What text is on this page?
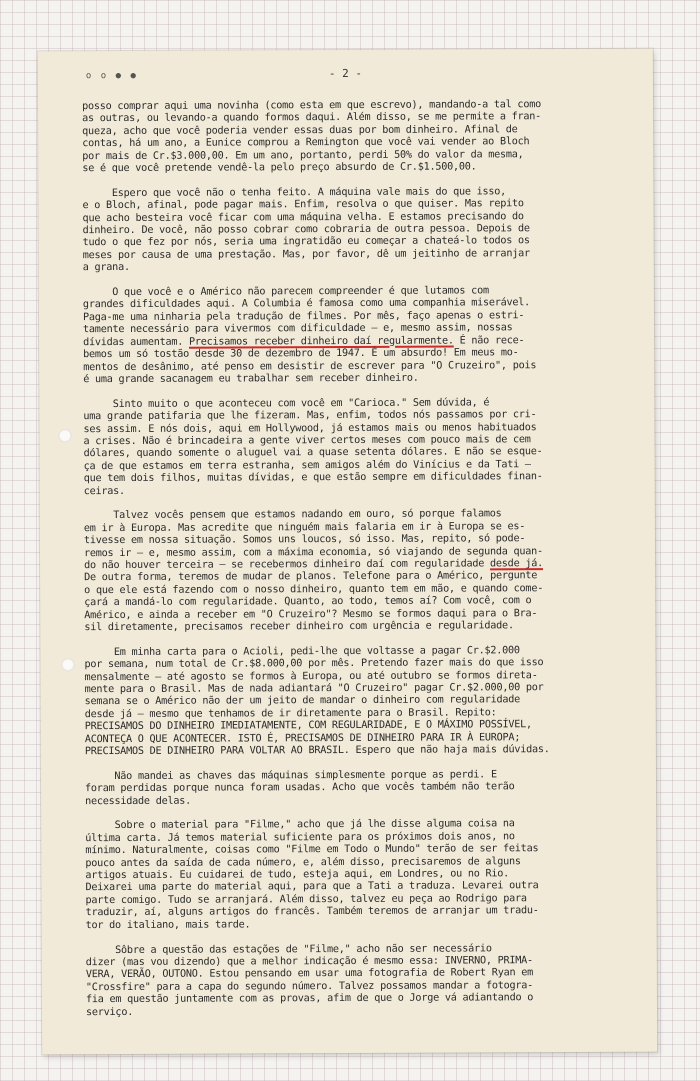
o o ● ●	- 2 -
posso comprar aqui uma novinha (como esta em que escrevo), mandando-a tal como
as outras, ou levando-a quando formos daqui. Além disso, se me permite a fran-
queza, acho que você poderia vender essas duas por bom dinheiro. Afinal de
contas, há um ano, a Eunice comprou a Remington que você vai vender ao Bloch
por mais de Cr.$3.000,00. Em um ano, portanto, perdi 50% do valor da mesma,
se é que você pretende vendê-la pelo preço absurdo de Cr.$1.500,00.
Espero que você não o tenha feito. A máquina vale mais do que isso,
e o Bloch, afinal, pode pagar mais. Enfim, resolva o que quiser. Mas repito
que acho besteira você ficar com uma máquina velha. E estamos precisando do
dinheiro. De você, não posso cobrar como cobraria de outra pessoa. Depois de
tudo o que fez por nós, seria uma ingratidão eu começar a chateá-lo todos os
meses por causa de uma prestação. Mas, por favor, dê um jeitinho de arranjar
a grana.
O que você e o Américo não parecem compreender é que lutamos com
grandes dificuldades aqui. A Columbia é famosa como uma companhia miserável.
Paga-me uma ninharia pela tradução de filmes. Por mês, faço apenas o estri-
tamente necessário para vivermos com dificuldade — e, mesmo assim, nossas
dívidas aumentam. Precisamos receber dinheiro daí regularmente. É não rece-
bemos um só tostão desde 30 de dezembro de 1947. É um absurdo! Em meus mo-
mentos de desânimo, até penso em desistir de escrever para "O Cruzeiro", pois
é uma grande sacanagem eu trabalhar sem receber dinheiro.
Sinto muito o que aconteceu com você em "Carioca." Sem dúvida, é
uma grande patifaria que lhe fizeram. Mas, enfim, todos nós passamos por cri-
ses assim. E nós dois, aqui em Hollywood, já estamos mais ou menos habituados
a crises. Não é brincadeira a gente viver certos meses com pouco mais de cem
dólares, quando somente o aluguel vai a quase setenta dólares. E não se esque-
ça de que estamos em terra estranha, sem amigos além do Vinícius e da Tati —
que tem dois filhos, muitas dívidas, e que estão sempre em dificuldades finan-
ceiras.
Talvez vocês pensem que estamos nadando em ouro, só porque falamos
em ir à Europa. Mas acredite que ninguém mais falaria em ir à Europa se es-
tivesse em nossa situação. Somos uns loucos, só isso. Mas, repito, só pode-
remos ir — e, mesmo assim, com a máxima economia, só viajando de segunda quan-
do não houver terceira — se recebermos dinheiro daí com regularidade desde já.
De outra forma, teremos de mudar de planos. Telefone para o Américo, pergunte
o que ele está fazendo com o nosso dinheiro, quanto tem em mão, e quando come-
çará a mandá-lo com regularidade. Quanto, ao todo, temos aí? Com você, com o
Américo, e ainda a receber em "O Cruzeiro"? Mesmo se formos daqui para o Bra-
sil diretamente, precisamos receber dinheiro com urgência e regularidade.
Em minha carta para o Acioli, pedi-lhe que voltasse a pagar Cr.$2.000
por semana, num total de Cr.$8.000,00 por mês. Pretendo fazer mais do que isso
mensalmente — até agosto se formos à Europa, ou até outubro se formos direta-
mente para o Brasil. Mas de nada adiantará "O Cruzeiro" pagar Cr.$2.000,00 por
semana se o Américo não der um jeito de mandar o dinheiro com regularidade
desde já — mesmo que tenhamos de ir diretamente para o Brasil. Repito:
PRECISAMOS DO DINHEIRO IMEDIATAMENTE, COM REGULARIDADE, E O MÁXIMO POSSÍVEL,
ACONTEÇA O QUE ACONTECER. ISTO É, PRECISAMOS DE DINHEIRO PARA IR À EUROPA;
PRECISAMOS DE DINHEIRO PARA VOLTAR AO BRASIL. Espero que não haja mais dúvidas.
Não mandei as chaves das máquinas simplesmente porque as perdi. E
foram perdidas porque nunca foram usadas. Acho que vocês também não terão
necessidade delas.
Sobre o material para "Filme," acho que já lhe disse alguma coisa na
última carta. Já temos material suficiente para os próximos dois anos, no
mínimo. Naturalmente, coisas como "Filme em Todo o Mundo" terão de ser feitas
pouco antes da saída de cada número, e, além disso, precisaremos de alguns
artigos atuais. Eu cuidarei de tudo, esteja aqui, em Londres, ou no Rio.
Deixarei uma parte do material aqui, para que a Tati a traduza. Levarei outra
parte comigo. Tudo se arranjará. Além disso, talvez eu peça ao Rodrigo para
traduzir, aí, alguns artigos do francês. Também teremos de arranjar um tradu-
tor do italiano, mais tarde.
Sôbre a questão das estações de "Filme," acho não ser necessário
dizer (mas vou dizendo) que a melhor indicação é mesmo essa: INVERNO, PRIMA-
VERA, VERÃO, OUTONO. Estou pensando em usar uma fotografia de Robert Ryan em
"Crossfire" para a capa do segundo número. Talvez possamos mandar a fotogra-
fia em questão juntamente com as provas, afim de que o Jorge vá adiantando o
serviço.
